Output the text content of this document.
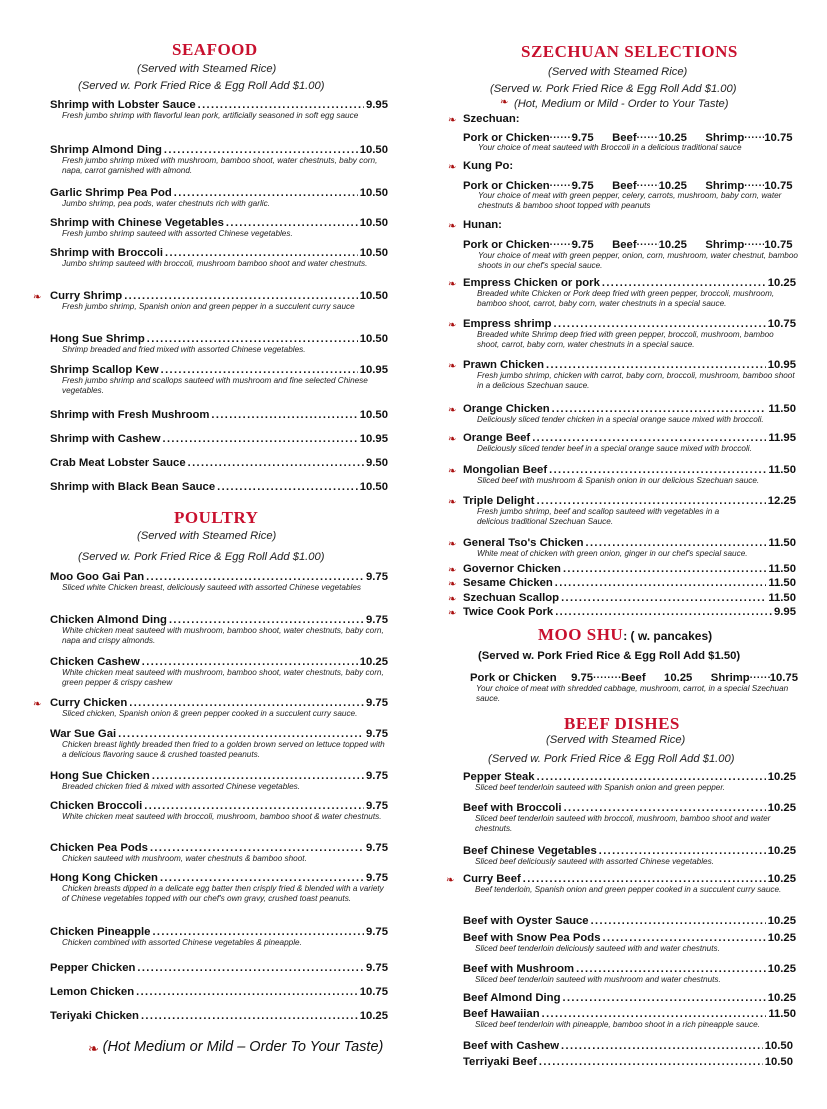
SEAFOOD
(Served with Steamed Rice)
(Served w. Pork Fried Rice & Egg Roll Add $1.00)
Shrimp with Lobster Sauce .....	9.95
Fresh jumbo shrimp with flavorful lean pork, artificially seasoned in soft egg sauce
Shrimp Almond Ding .....	10.50
Fresh jumbo shrimp mixed with mushroom, bamboo shoot, water chestnuts, baby corn, napa, carrot garnished with almond.
Garlic Shrimp Pea Pod .....	10.50
Jumbo shrimp, pea pods, water chestnuts rich with garlic.
Shrimp with Chinese Vegetables .....	10.50
Fresh jumbo shrimp sauteed with assorted Chinese vegetables.
Shrimp with Broccoli .....	10.50
Jumbo shrimp sauteed with broccoli, mushroom bamboo shoot and water chestnuts.
❧ Curry Shrimp .....	10.50
Fresh jumbo shrimp, Spanish onion and green pepper in a succulent curry sauce
Hong Sue Shrimp .....	10.50
Shrimp breaded and fried mixed with assorted Chinese vegetables.
Shrimp Scallop Kew .....	10.95
Fresh jumbo shrimp and scallops sauteed with mushroom and fine selected Chinese vegetables.
Shrimp with Fresh Mushroom .....	10.50
Shrimp with Cashew .....	10.95
Crab Meat Lobster Sauce .....	9.50
Shrimp with Black Bean Sauce .....	10.50
POULTRY
(Served with Steamed Rice)
(Served w. Pork Fried Rice & Egg Roll Add $1.00)
Moo Goo Gai Pan .....	9.75
Sliced white Chicken breast, deliciously sauteed with assorted Chinese vegetables
Chicken Almond Ding .....	9.75
White chicken meat sauteed with mushroom, bamboo shoot, water chestnuts, baby corn, napa and crispy almonds.
Chicken Cashew .....	10.25
White chicken meat sauteed with mushroom, bamboo shoot, water chestnuts, baby corn, green pepper & crispy cashew
❧ Curry Chicken .....	9.75
Sliced chicken, Spanish onion & green pepper cooked in a succulent curry sauce.
War Sue Gai .....	9.75
Chicken breast lightly breaded then fried to a golden brown served on lettuce topped with a delicious flavoring sauce & crushed toasted peanuts.
Hong Sue Chicken .....	9.75
Breaded chicken fried & mixed with assorted Chinese vegetables.
Chicken Broccoli .....	9.75
White chicken meat sauteed with broccoli, mushroom, bamboo shoot & water chestnuts.
Chicken Pea Pods .....	9.75
Chicken sauteed with mushroom, water chestnuts & bamboo shoot.
Hong Kong Chicken .....	9.75
Chicken breasts dipped in a delicate egg batter then crisply fried & blended with a variety of Chinese vegetables topped with our chef's own gravy, crushed toast peanuts.
Chicken Pineapple .....	9.75
Chicken combined with assorted Chinese vegetables & pineapple.
Pepper Chicken .....	9.75
Lemon Chicken .....	10.75
Teriyaki Chicken .....	10.25
❧ (Hot Medium or Mild – Order To Your Taste)
SZECHUAN SELECTIONS
(Served with Steamed Rice)
(Served w. Pork Fried Rice & Egg Roll Add $1.00)
❧ (Hot, Medium or Mild - Order to Your Taste)
❧ Szechuan:
Pork or Chicken ..... 9.75 Beef ..... 10.25 Shrimp..... 10.75
Your choice of meat sauteed with Broccoli in a delicious traditional sauce
❧ Kung Po:
Pork or Chicken ..... 9.75 Beef ..... 10.25 Shrimp..... 10.75
Your choice of meat with green pepper, celery, carrots, mushroom, baby corn, water chestnuts & bamboo shoot topped with peanuts
❧ Hunan:
Pork or Chicken ..... 9.75 Beef ..... 10.25 Shrimp..... 10.75
Your choice of meat with green pepper, onion, corn, mushroom, water chestnut, bamboo shoots in our chef's special sauce.
❧ Empress Chicken or pork .....	10.25
Breaded white Chicken or Pork deep fried with green pepper, broccoli, mushroom, bamboo shoot, carrot, baby corn, water chestnuts in a special sauce.
❧ Empress shrimp .....	10.75
Breaded white Shrimp deep fried with green pepper, broccoli, mushroom, bamboo shoot, carrot, baby corn, water chestnuts in a special sauce.
❧ Prawn Chicken .....	10.95
Fresh jumbo shrimp, chicken with carrot, baby corn, broccoli, mushroom, bamboo shoot in a delicious Szechuan sauce.
❧ Orange Chicken .....	11.50
Deliciously sliced tender chicken in a special orange sauce mixed with broccoli.
❧ Orange Beef .....	11.95
Deliciously sliced tender beef in a special orange sauce mixed with broccoli.
❧ Mongolian Beef .....	11.50
Sliced beef with mushroom & Spanish onion in our delicious Szechuan sauce.
❧ Triple Delight .....	12.25
Fresh jumbo shrimp, beef and scallop sauteed with vegetables in a delicious traditional Szechuan Sauce.
❧ General Tso's Chicken .....	11.50
White meat of chicken with green onion, ginger in our chef's special sauce.
❧ Governor Chicken .....	11.50
❧ Sesame Chicken .....	11.50
❧ Szechuan Scallop .....	11.50
❧ Twice Cook Pork .....	9.95
MOO SHU: ( w. pancakes)
(Served w. Pork Fried Rice & Egg Roll Add $1.50)
Pork or Chicken 9.75 ..... Beef 10.25 Shrimp..... 10.75
Your choice of meat with shredded cabbage, mushroom, carrot, in a special Szechuan sauce.
BEEF DISHES
(Served with Steamed Rice)
(Served w. Pork Fried Rice & Egg Roll Add $1.00)
Pepper Steak .....	10.25
Sliced beef tenderloin sauteed with Spanish onion and green pepper.
Beef with Broccoli .....	10.25
Sliced beef tenderloin sauteed with broccoli, mushroom, bamboo shoot and water chestnuts.
Beef Chinese Vegetables .....	10.25
Sliced beef deliciously sauteed with assorted Chinese vegetables.
❧ Curry Beef .....	10.25
Beef tenderloin, Spanish onion and green pepper cooked in a succulent curry sauce.
Beef with Oyster Sauce .....	10.25
Beef with Snow Pea Pods .....	10.25
Sliced beef tenderloin deliciously sauteed with and water chestnuts.
Beef with Mushroom .....	10.25
Sliced beef tenderloin sauteed with mushroom and water chestnuts.
Beef Almond Ding .....	10.25
Beef Hawaiian .....	11.50
Sliced beef tenderloin with pineapple, bamboo shoot in a rich pineapple sauce.
Beef with Cashew .....	10.50
Terriyaki Beef .....	10.50
